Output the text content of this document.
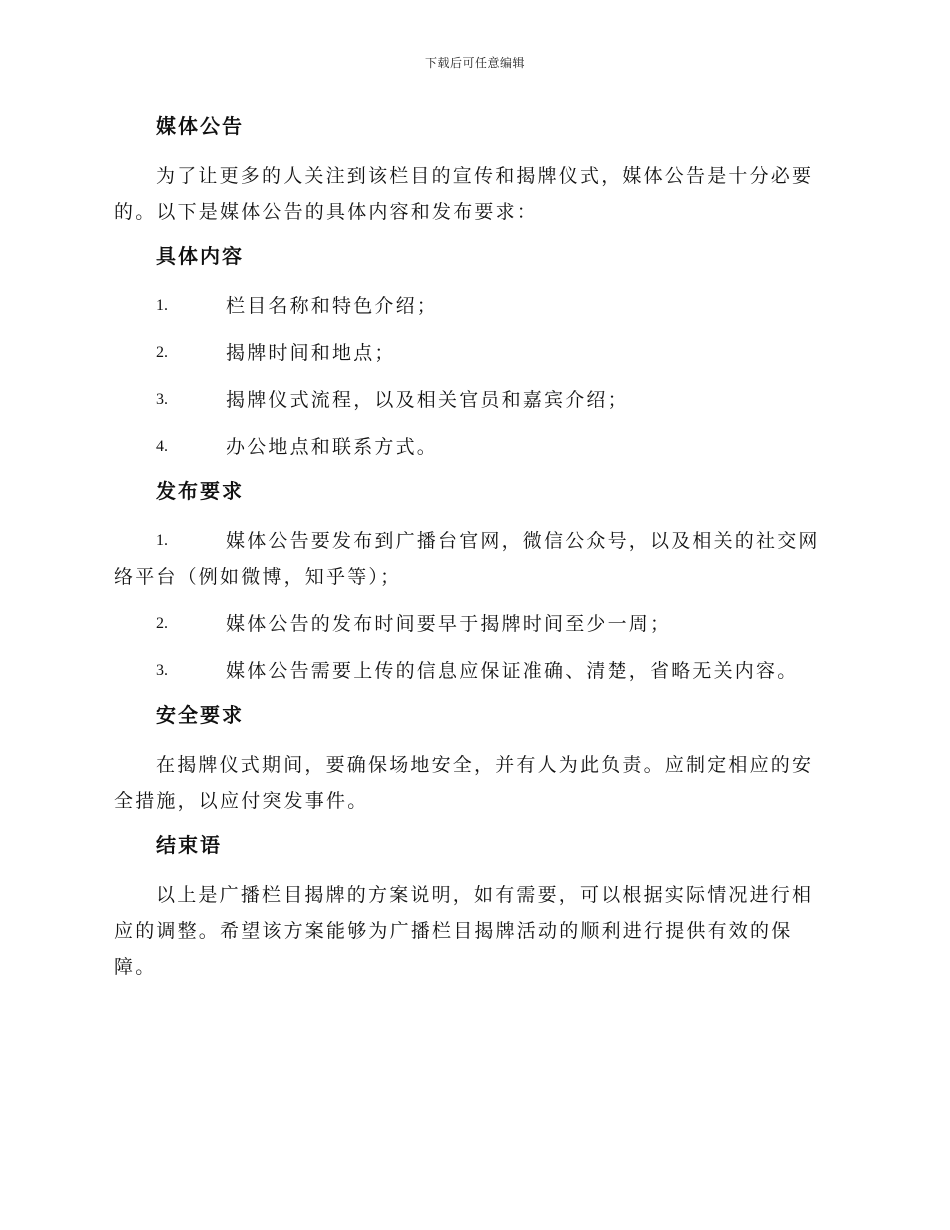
下载后可任意编辑
媒体公告

为了让更多的人关注到该栏目的宣传和揭牌仪式，媒体公告是十分必要的。以下是媒体公告的具体内容和发布要求：

具体内容
1.	栏目名称和特色介绍；
2.	揭牌时间和地点；
3.	揭牌仪式流程，以及相关官员和嘉宾介绍；
4.	办公地点和联系方式。
发布要求
1.	媒体公告要发布到广播台官网，微信公众号，以及相关的社交网络平台（例如微博，知乎等）；
2.	媒体公告的发布时间要早于揭牌时间至少一周；
3.	媒体公告需要上传的信息应保证准确、清楚，省略无关内容。
安全要求

在揭牌仪式期间，要确保场地安全，并有人为此负责。应制定相应的安全措施，以应付突发事件。

结束语

以上是广播栏目揭牌的方案说明，如有需要，可以根据实际情况进行相应的调整。希望该方案能够为广播栏目揭牌活动的顺利进行提供有效的保障。
